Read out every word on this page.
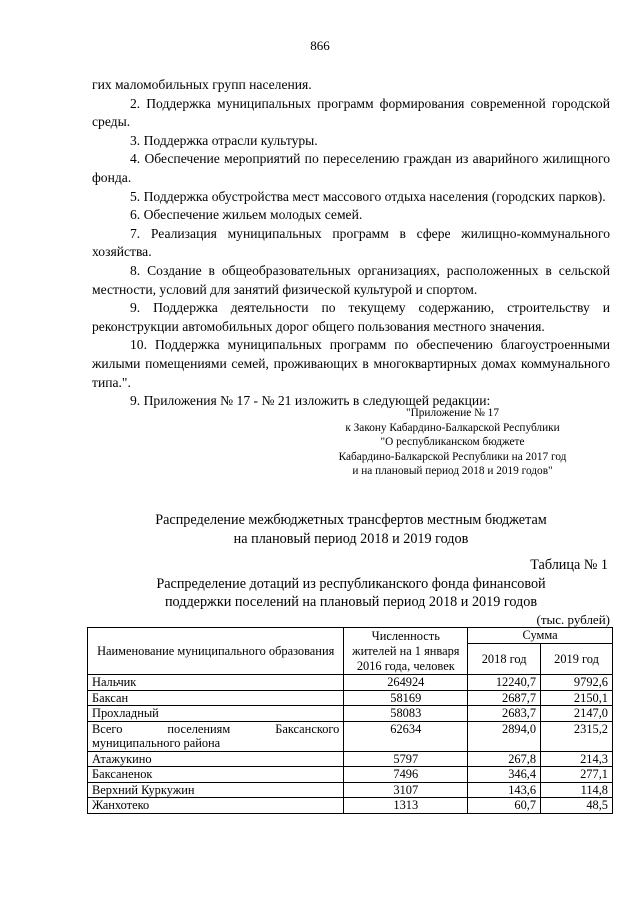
866

гих маломобильных групп населения.

2. Поддержка муниципальных программ формирования современной городской среды.

3. Поддержка отрасли культуры.

4. Обеспечение мероприятий по переселению граждан из аварийного жилищного фонда.

5. Поддержка обустройства мест массового отдыха населения (городских парков).

6. Обеспечение жильем молодых семей.

7. Реализация муниципальных программ в сфере жилищно-коммунального хозяйства.

8. Создание в общеобразовательных организациях, расположенных в сельской местности, условий для занятий физической культурой и спортом.

9. Поддержка деятельности по текущему содержанию, строительству и реконструкции автомобильных дорог общего пользования местного значения.

10. Поддержка муниципальных программ по обеспечению благоустроенными жилыми помещениями семей, проживающих в многоквартирных домах коммунального типа.".

9. Приложения № 17 - № 21 изложить в следующей редакции:

"Приложение № 17
к Закону Кабардино-Балкарской Республики
"О республиканском бюджете
Кабардино-Балкарской Республики на 2017 год
и на плановый период 2018 и 2019 годов"
Распределение межбюджетных трансфертов местным бюджетам
на плановый период 2018 и 2019 годов
Таблица № 1
Распределение дотаций из республиканского фонда финансовой
поддержки поселений на плановый период 2018 и 2019 годов
(тыс. рублей)
Наименование муниципального образования	Численность жителей на 1 января 2016 года, человек	Сумма	
		2018 год	2019 год
Нальчик	264924	12240,7	9792,6
Баксан	58169	2687,7	2150,1
Прохладный	58083	2683,7	2147,0
Всего поселениям Баксанского муниципального района	62634	2894,0	2315,2
Атажукино	5797	267,8	214,3
Баксаненок	7496	346,4	277,1
Верхний Куркужин	3107	143,6	114,8
Жанхотеко	1313	60,7	48,5
